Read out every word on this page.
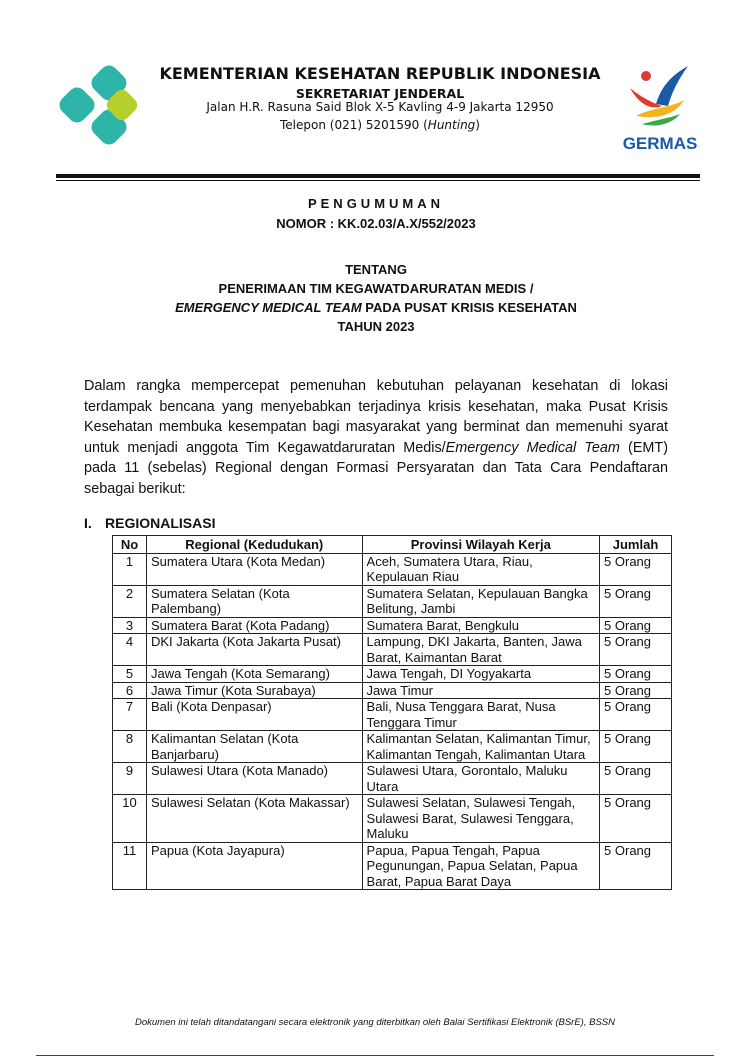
KEMENTERIAN KESEHATAN REPUBLIK INDONESIA
SEKRETARIAT JENDERAL
Jalan H.R. Rasuna Said Blok X-5 Kavling 4-9 Jakarta 12950
Telepon (021) 5201590 (Hunting)
GERMAS
PENGUMUMAN
NOMOR : KK.02.03/A.X/552/2023
TENTANG
PENERIMAAN TIM KEGAWATDARURATAN MEDIS /
EMERGENCY MEDICAL TEAM PADA PUSAT KRISIS KESEHATAN
TAHUN 2023

Dalam rangka mempercepat pemenuhan kebutuhan pelayanan kesehatan di lokasi terdampak bencana yang menyebabkan terjadinya krisis kesehatan, maka Pusat Krisis Kesehatan membuka kesempatan bagi masyarakat yang berminat dan memenuhi syarat untuk menjadi anggota Tim Kegawatdaruratan Medis/Emergency Medical Team (EMT) pada 11 (sebelas) Regional dengan Formasi Persyaratan dan Tata Cara Pendaftaran sebagai berikut:

I. REGIONALISASI
No	Regional (Kedudukan)	Provinsi Wilayah Kerja	Jumlah
1	Sumatera Utara (Kota Medan)	Aceh, Sumatera Utara, Riau, Kepulauan Riau	5 Orang
2	Sumatera Selatan (Kota Palembang)	Sumatera Selatan, Kepulauan Bangka Belitung, Jambi	5 Orang
3	Sumatera Barat (Kota Padang)	Sumatera Barat, Bengkulu	5 Orang
4	DKI Jakarta (Kota Jakarta Pusat)	Lampung, DKI Jakarta, Banten, Jawa Barat, Kaimantan Barat	5 Orang
5	Jawa Tengah (Kota Semarang)	Jawa Tengah, DI Yogyakarta	5 Orang
6	Jawa Timur (Kota Surabaya)	Jawa Timur	5 Orang
7	Bali (Kota Denpasar)	Bali, Nusa Tenggara Barat, Nusa Tenggara Timur	5 Orang
8	Kalimantan Selatan (Kota Banjarbaru)	Kalimantan Selatan, Kalimantan Timur, Kalimantan Tengah, Kalimantan Utara	5 Orang
9	Sulawesi Utara (Kota Manado)	Sulawesi Utara, Gorontalo, Maluku Utara	5 Orang
10	Sulawesi Selatan (Kota Makassar)	Sulawesi Selatan, Sulawesi Tengah, Sulawesi Barat, Sulawesi Tenggara, Maluku	5 Orang
11	Papua (Kota Jayapura)	Papua, Papua Tengah, Papua Pegunungan, Papua Selatan, Papua Barat, Papua Barat Daya	5 Orang
Dokumen ini telah ditandatangani secara elektronik yang diterbitkan oleh Balai Sertifikasi Elektronik (BSrE), BSSN
